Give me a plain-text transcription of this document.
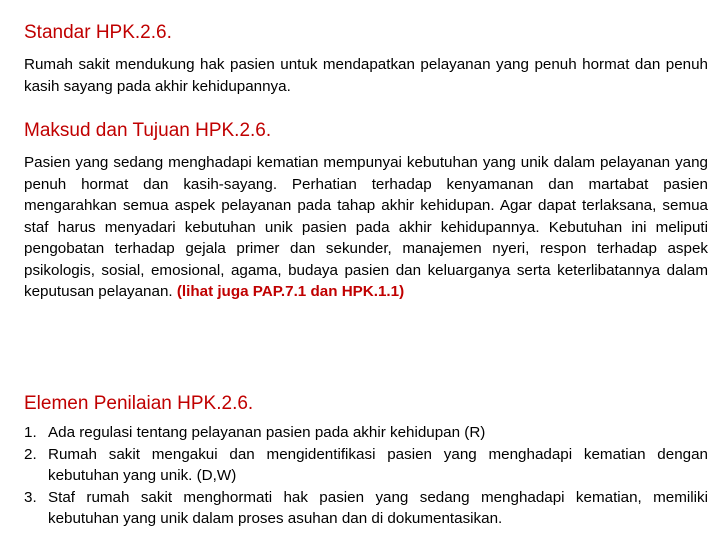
Standar HPK.2.6.
Rumah sakit mendukung hak pasien untuk mendapatkan pelayanan yang penuh hormat dan penuh kasih sayang pada akhir kehidupannya.
Maksud dan Tujuan HPK.2.6.
Pasien yang sedang menghadapi kematian mempunyai kebutuhan yang unik dalam pelayanan yang penuh hormat dan kasih-sayang. Perhatian terhadap kenyamanan dan martabat pasien mengarahkan semua aspek pelayanan pada tahap akhir kehidupan. Agar dapat terlaksana, semua staf harus menyadari kebutuhan unik pasien pada akhir kehidupannya. Kebutuhan ini meliputi pengobatan terhadap gejala primer dan sekunder, manajemen nyeri, respon terhadap aspek psikologis, sosial, emosional, agama, budaya pasien dan keluarganya serta keterlibatannya dalam keputusan pelayanan. (lihat juga PAP.7.1 dan HPK.1.1)
Elemen Penilaian HPK.2.6.
1. Ada regulasi tentang pelayanan pasien pada akhir kehidupan (R)
2. Rumah sakit mengakui dan mengidentifikasi pasien yang menghadapi kematian dengan kebutuhan yang unik. (D,W)
3. Staf rumah sakit menghormati hak pasien yang sedang menghadapi kematian, memiliki kebutuhan yang unik dalam proses asuhan dan di dokumentasikan.
